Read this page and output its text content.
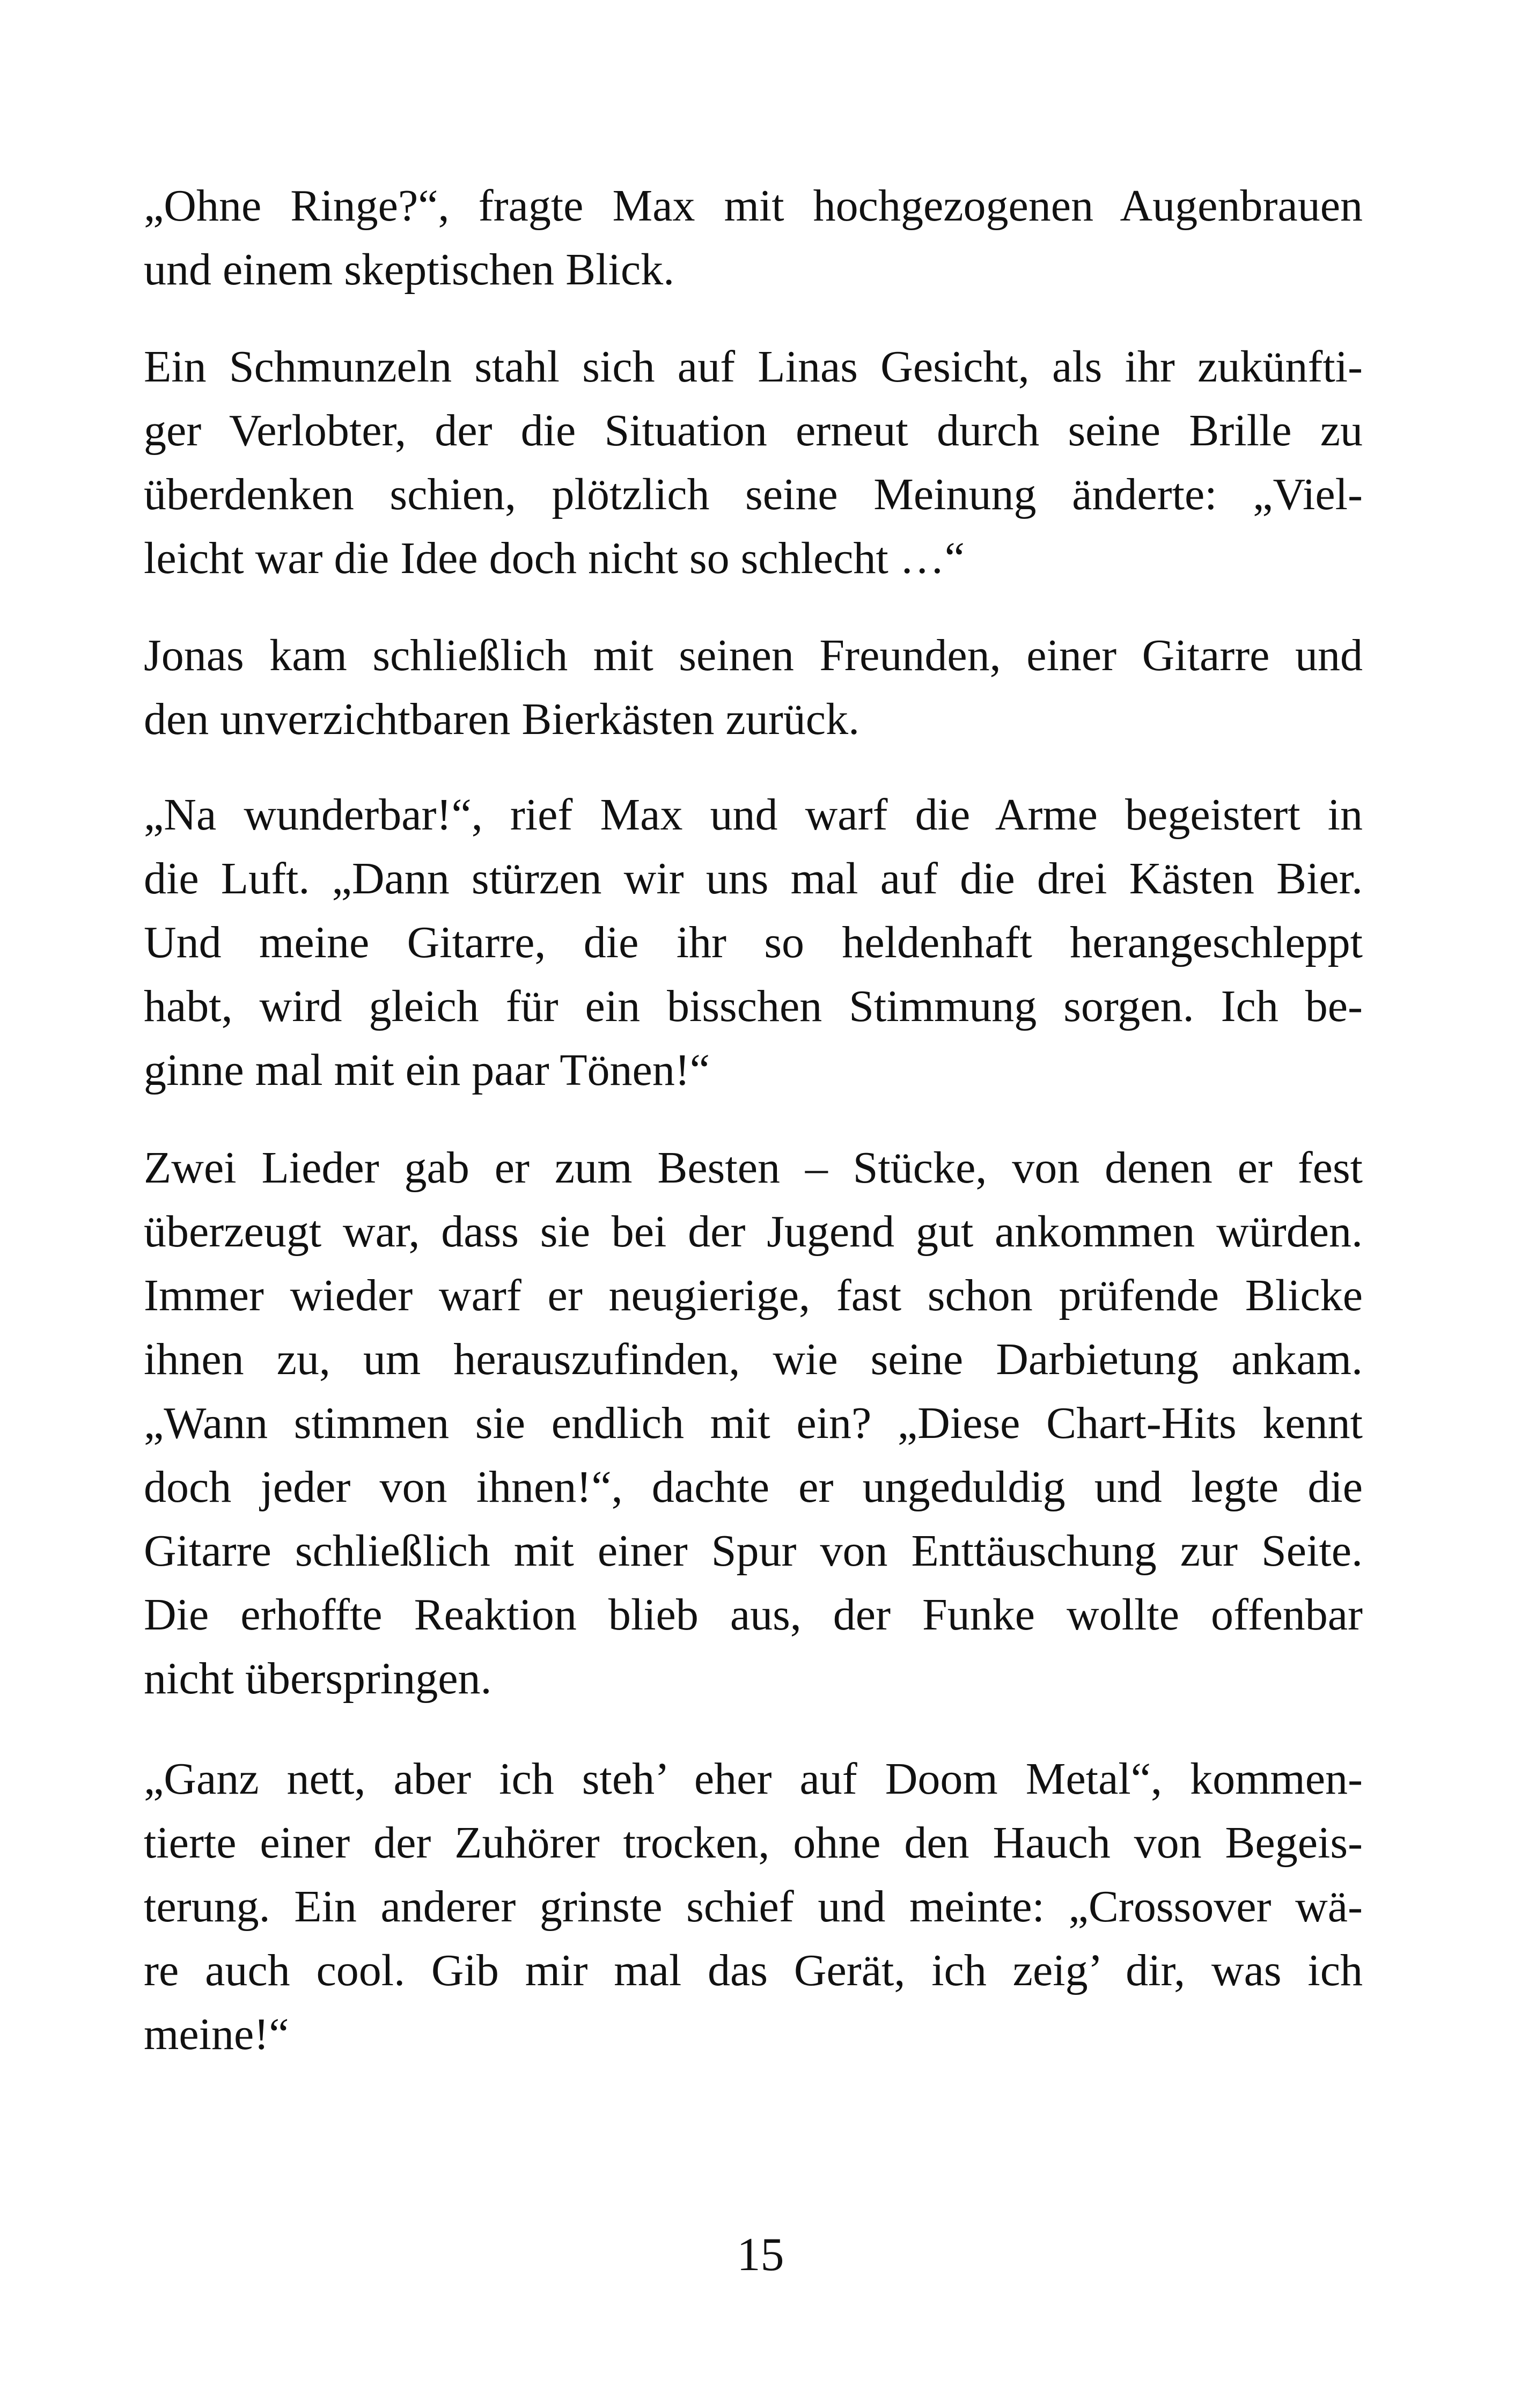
„Ohne Ringe?“, fragte Max mit hochgezogenen Augenbrauen
und einem skeptischen Blick.
Ein Schmunzeln stahl sich auf Linas Gesicht, als ihr zukünfti-
ger Verlobter, der die Situation erneut durch seine Brille zu
überdenken schien, plötzlich seine Meinung änderte: „Viel-
leicht war die Idee doch nicht so schlecht …“
Jonas kam schließlich mit seinen Freunden, einer Gitarre und
den unverzichtbaren Bierkästen zurück.
„Na wunderbar!“, rief Max und warf die Arme begeistert in
die Luft. „Dann stürzen wir uns mal auf die drei Kästen Bier.
Und meine Gitarre, die ihr so heldenhaft herangeschleppt
habt, wird gleich für ein bisschen Stimmung sorgen. Ich be-
ginne mal mit ein paar Tönen!“
Zwei Lieder gab er zum Besten – Stücke, von denen er fest
überzeugt war, dass sie bei der Jugend gut ankommen würden.
Immer wieder warf er neugierige, fast schon prüfende Blicke
ihnen zu, um herauszufinden, wie seine Darbietung ankam.
„Wann stimmen sie endlich mit ein? „Diese Chart-Hits kennt
doch jeder von ihnen!“, dachte er ungeduldig und legte die
Gitarre schließlich mit einer Spur von Enttäuschung zur Seite.
Die erhoffte Reaktion blieb aus, der Funke wollte offenbar
nicht überspringen.
„Ganz nett, aber ich steh’ eher auf Doom Metal“, kommen-
tierte einer der Zuhörer trocken, ohne den Hauch von Begeis-
terung. Ein anderer grinste schief und meinte: „Crossover wä-
re auch cool. Gib mir mal das Gerät, ich zeig’ dir, was ich
meine!“
15
